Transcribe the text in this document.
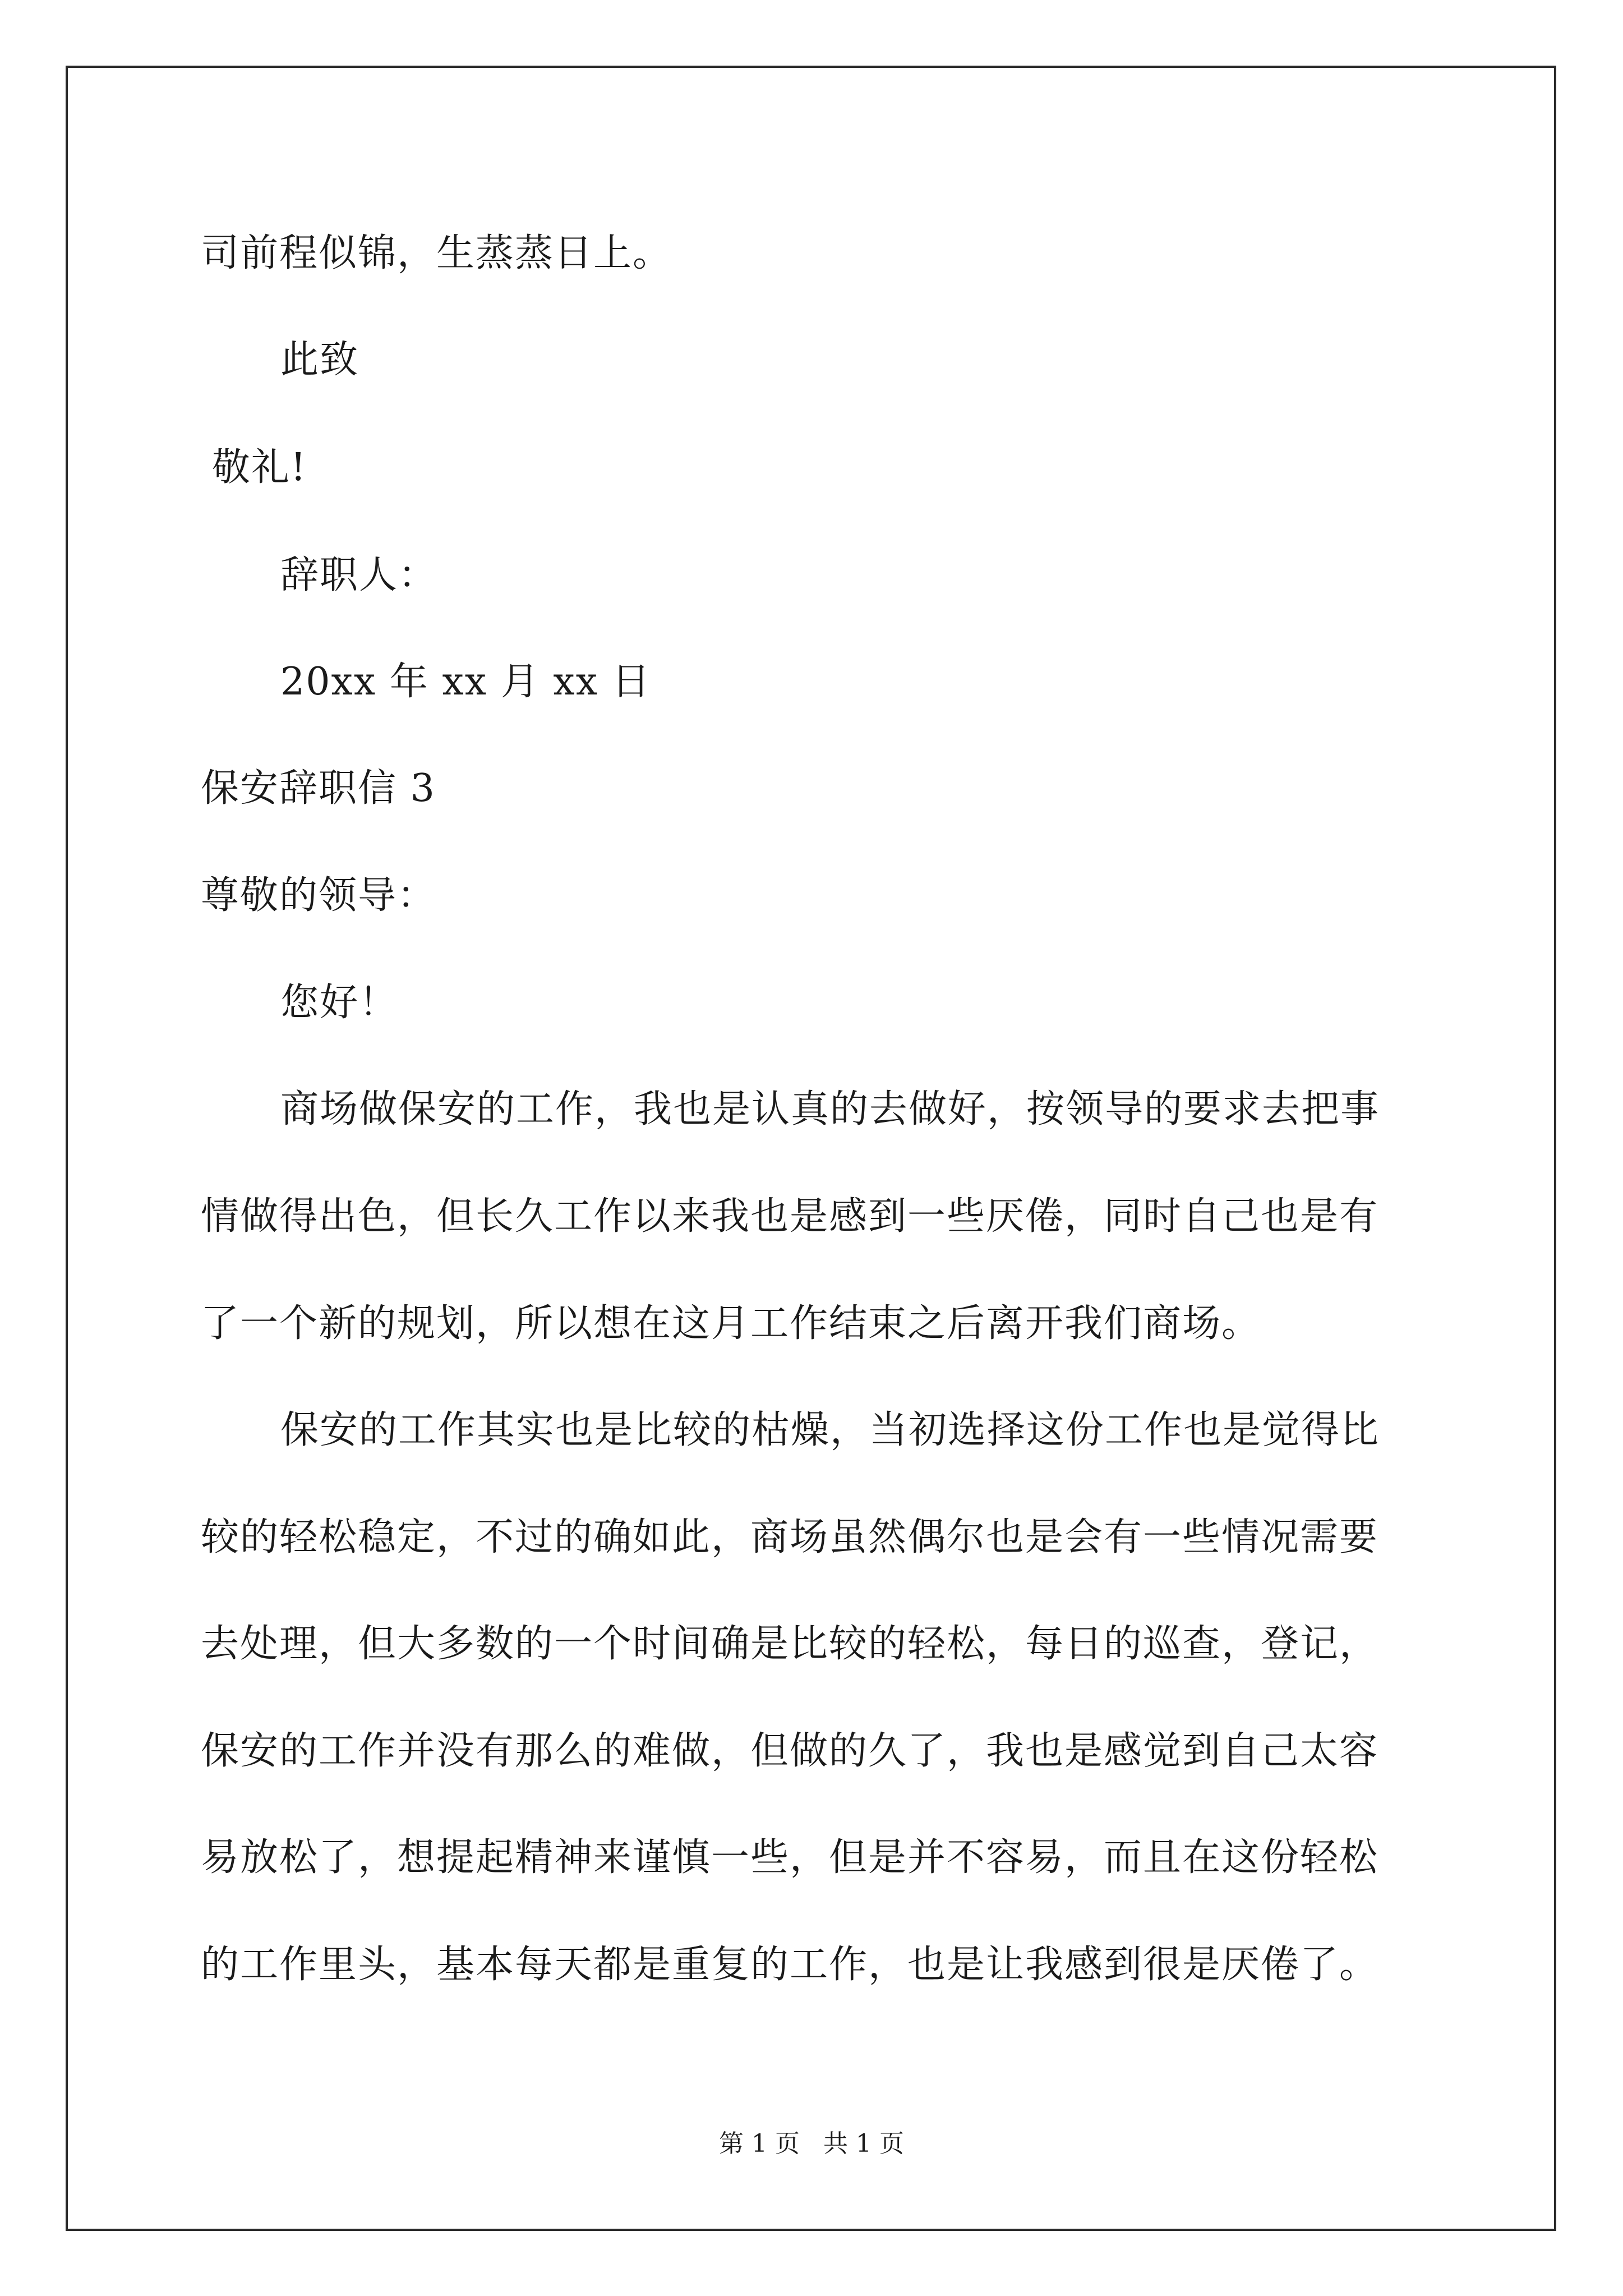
司前程似锦，生蒸蒸日上。
此致
敬礼!
辞职人：
20xx 年 xx 月 xx 日
保安辞职信 3
尊敬的领导：
您好！
商场做保安的工作，我也是认真的去做好，按领导的要求去把事
情做得出色，但长久工作以来我也是感到一些厌倦，同时自己也是有
了一个新的规划，所以想在这月工作结束之后离开我们商场。
保安的工作其实也是比较的枯燥，当初选择这份工作也是觉得比
较的轻松稳定，不过的确如此，商场虽然偶尔也是会有一些情况需要
去处理，但大多数的一个时间确是比较的轻松，每日的巡查，登记，
保安的工作并没有那么的难做，但做的久了，我也是感觉到自己太容
易放松了，想提起精神来谨慎一些，但是并不容易，而且在这份轻松
的工作里头，基本每天都是重复的工作，也是让我感到很是厌倦了。
第 1 页   共 1 页
